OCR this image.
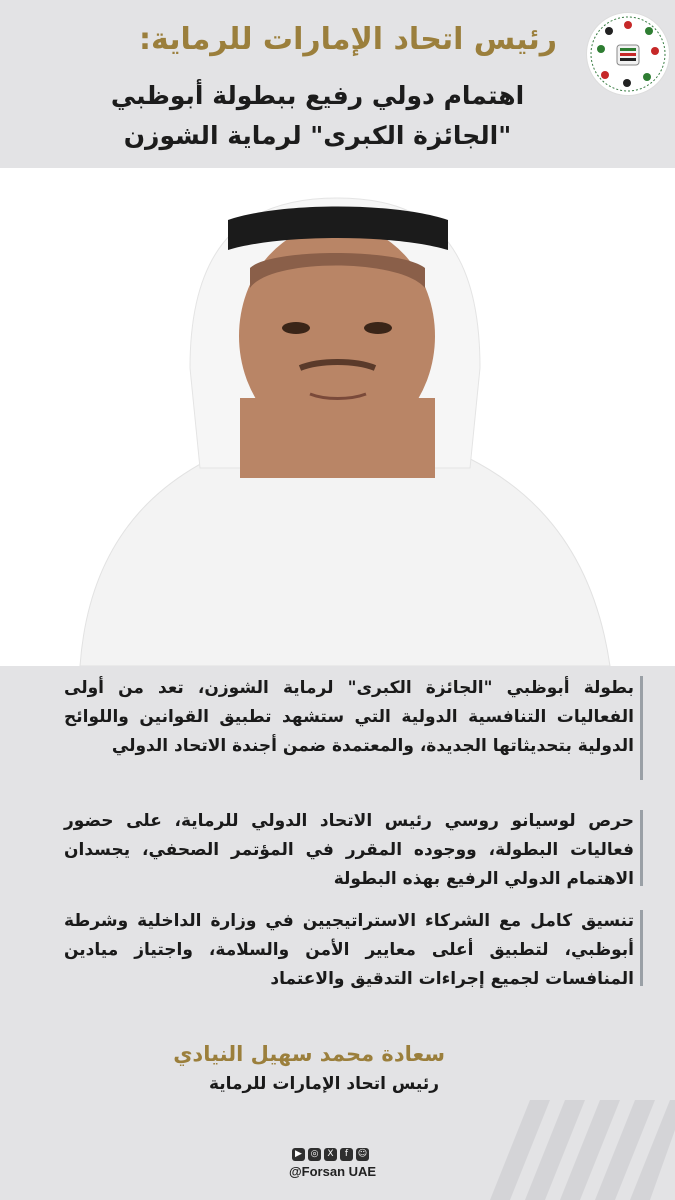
رئيس اتحاد الإمارات للرماية:
اهتمام دولي رفيع ببطولة أبوظبي "الجائزة الكبرى" لرماية الشوزن
بطولة أبوظبي "الجائزة الكبرى" لرماية الشوزن، تعد من أولى الفعاليات التنافسية الدولية التي ستشهد تطبيق القوانين واللوائح الدولية بتحديثاتها الجديدة، والمعتمدة ضمن أجندة الاتحاد الدولي
حرص لوسيانو روسي رئيس الاتحاد الدولي للرماية، على حضور فعاليات البطولة، ووجوده المقرر في المؤتمر الصحفي، يجسدان الاهتمام الدولي الرفيع بهذه البطولة
تنسيق كامل مع الشركاء الاستراتيجيين في وزارة الداخلية وشرطة أبوظبي، لتطبيق أعلى معايير الأمن والسلامة، واجتياز ميادين المنافسات لجميع إجراءات التدقيق والاعتماد
سعادة محمد سهيل النيادي
رئيس اتحاد الإمارات للرماية
▶ ◎ X	f	☺
@Forsan UAE
